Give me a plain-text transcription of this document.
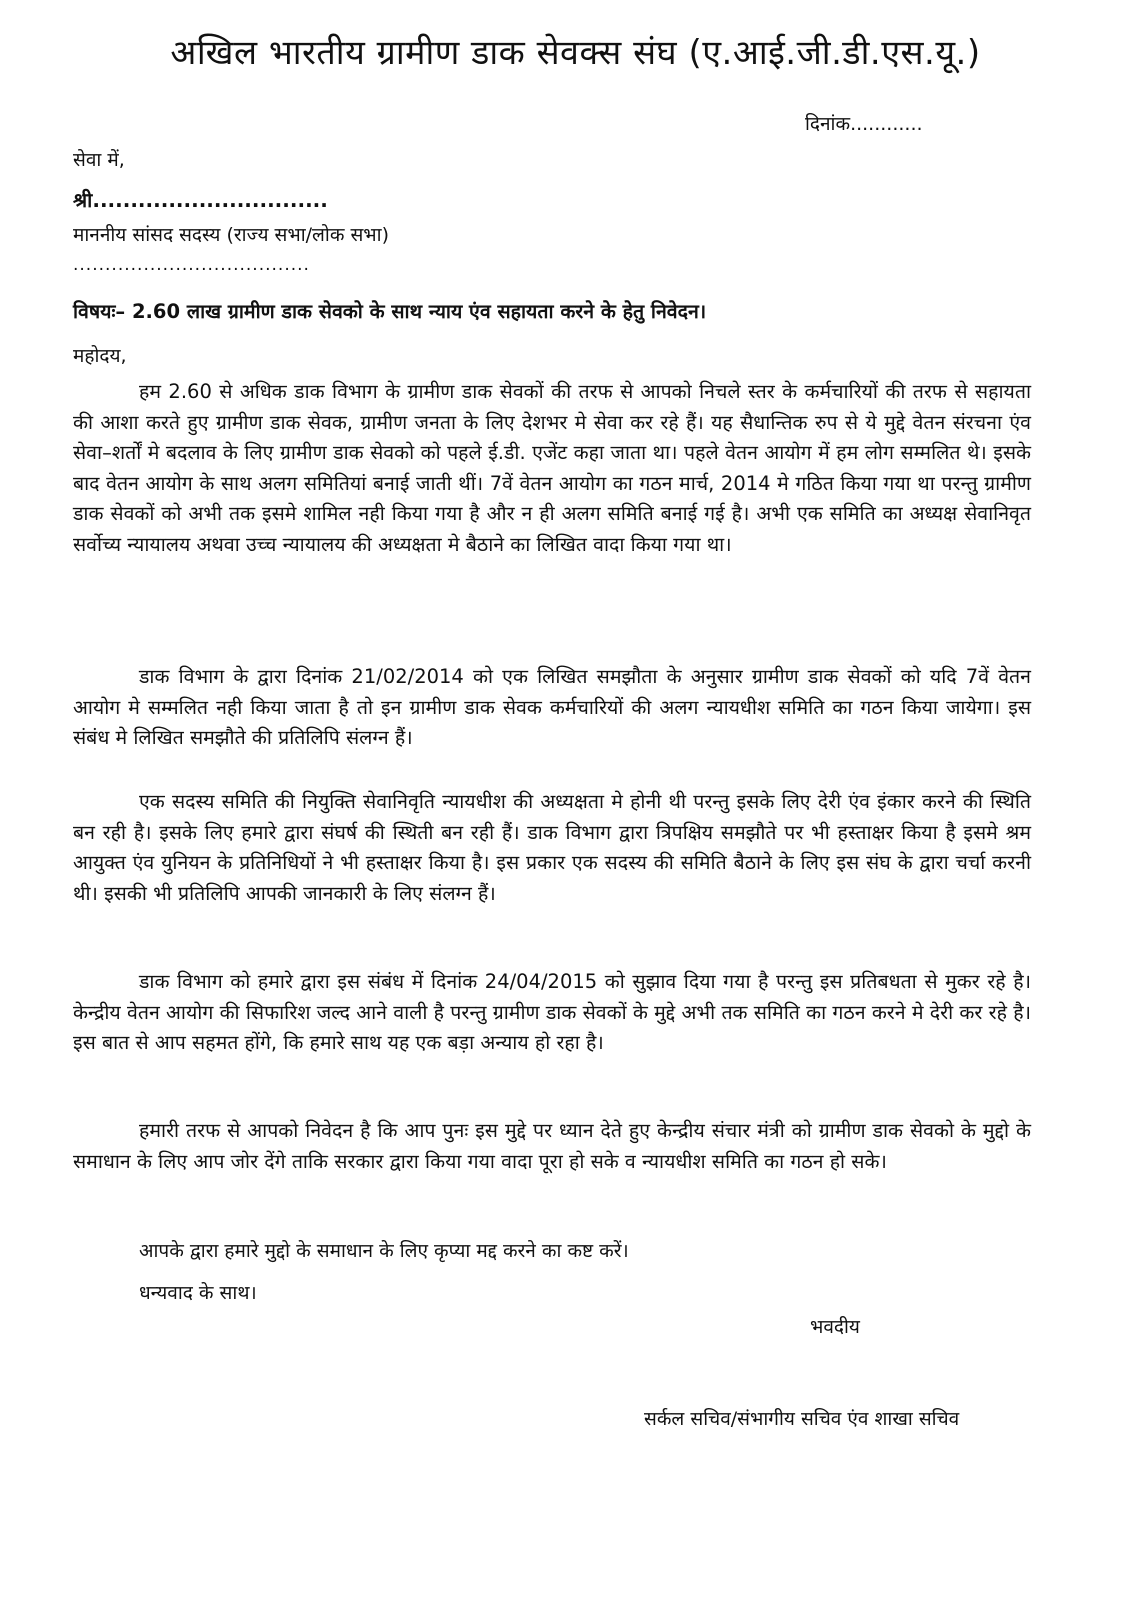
अखिल भारतीय ग्रामीण डाक सेवक्स संघ (ए.आई.जी.डी.एस.यू.)
दिनांक............
सेवा में,
श्री...............................
माननीय सांसद सदस्य (राज्य सभा/लोक सभा)
.....................................
विषयः– 2.60 लाख ग्रामीण डाक सेवको के साथ न्याय एंव सहायता करने के हेतु निवेदन।
महोदय,

हम 2.60 से अधिक डाक विभाग के ग्रामीण डाक सेवकों की तरफ से आपको निचले स्तर के कर्मचारियों की तरफ से सहायता की आशा करते हुए ग्रामीण डाक सेवक, ग्रामीण जनता के लिए देशभर मे सेवा कर रहे हैं। यह सैधान्तिक रुप से ये मुद्दे वेतन संरचना एंव सेवा–शर्तों मे बदलाव के लिए ग्रामीण डाक सेवको को पहले ई.डी. एजेंट कहा जाता था। पहले वेतन आयोग में हम लोग सम्मलित थे। इसके बाद वेतन आयोग के साथ अलग समितियां बनाई जाती थीं। 7वें वेतन आयोग का गठन मार्च, 2014 मे गठित किया गया था परन्तु ग्रामीण डाक सेवकों को अभी तक इसमे शामिल नही किया गया है और न ही अलग समिति बनाई गई है। अभी एक समिति का अध्यक्ष सेवानिवृत सर्वोच्य न्यायालय अथवा उच्च न्यायालय की अध्यक्षता मे बैठाने का लिखित वादा किया गया था।

डाक विभाग के द्वारा दिनांक 21/02/2014 को एक लिखित समझौता के अनुसार ग्रामीण डाक सेवकों को यदि 7वें वेतन आयोग मे सम्मलित नही किया जाता है तो इन ग्रामीण डाक सेवक कर्मचारियों की अलग न्यायधीश समिति का गठन किया जायेगा। इस संबंध मे लिखित समझौते की प्रतिलिपि संलग्न हैं।

एक सदस्य समिति की नियुक्ति सेवानिवृति न्यायधीश की अध्यक्षता मे होनी थी परन्तु इसके लिए देरी एंव इंकार करने की स्थिति बन रही है। इसके लिए हमारे द्वारा संघर्ष की स्थिती बन रही हैं। डाक विभाग द्वारा त्रिपक्षिय समझौते पर भी हस्ताक्षर किया है इसमे श्रम आयुक्त एंव युनियन के प्रतिनिधियों ने भी हस्ताक्षर किया है। इस प्रकार एक सदस्य की समिति बैठाने के लिए इस संघ के द्वारा चर्चा करनी थी। इसकी भी प्रतिलिपि आपकी जानकारी के लिए संलग्न हैं।

डाक विभाग को हमारे द्वारा इस संबंध में दिनांक 24/04/2015 को सुझाव दिया गया है परन्तु इस प्रतिबधता से मुकर रहे है। केन्द्रीय वेतन आयोग की सिफारिश जल्द आने वाली है परन्तु ग्रामीण डाक सेवकों के मुद्दे अभी तक समिति का गठन करने मे देरी कर रहे है। इस बात से आप सहमत होंगे, कि हमारे साथ यह एक बड़ा अन्याय हो रहा है।

हमारी तरफ से आपको निवेदन है कि आप पुनः इस मुद्दे पर ध्यान देते हुए केन्द्रीय संचार मंत्री को ग्रामीण डाक सेवको के मुद्दो के समाधान के लिए आप जोर देंगे ताकि सरकार द्वारा किया गया वादा पूरा हो सके व न्यायधीश समिति का गठन हो सके।

आपके द्वारा हमारे मुद्दो के समाधान के लिए कृप्या मद्द करने का कष्ट करें।
धन्यवाद के साथ।
भवदीय
सर्कल सचिव/संभागीय सचिव एंव शाखा सचिव
